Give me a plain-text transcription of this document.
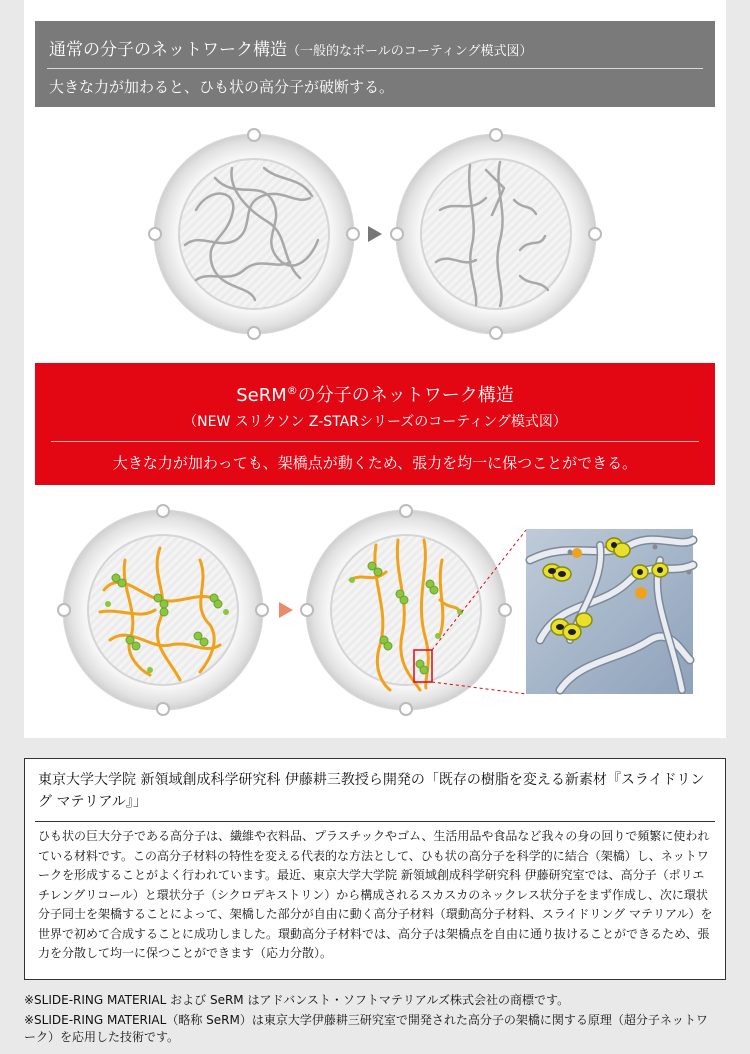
通常の分子のネットワーク構造（一般的なボールのコーティング模式図）
大きな力が加わると、ひも状の高分子が破断する。
SeRM®の分子のネットワーク構造
（NEW スリクソン Z-STARシリーズのコーティング模式図）
大きな力が加わっても、架橋点が動くため、張力を均一に保つことができる。
東京大学大学院 新領域創成科学研究科 伊藤耕三教授ら開発の「既存の樹脂を変える新素材『スライドリング マテリアル』」
ひも状の巨大分子である高分子は、繊維や衣料品、プラスチックやゴム、生活用品や食品など我々の身の回りで頻繁に使われている材料です。この高分子材料の特性を変える代表的な方法として、ひも状の高分子を科学的に結合（架橋）し、ネットワークを形成することがよく行われています。最近、東京大学大学院 新領域創成科学研究科 伊藤研究室では、高分子（ポリエチレングリコール）と環状分子（シクロデキストリン）から構成されるスカスカのネックレス状分子をまず作成し、次に環状分子同士を架橋することによって、架橋した部分が自由に動く高分子材料（環動高分子材料、スライドリング マテリアル）を世界で初めて合成することに成功しました。環動高分子材料では、高分子は架橋点を自由に通り抜けることができるため、張力を分散して均一に保つことができます（応力分散）。
※SLIDE-RING MATERIAL および SeRM はアドバンスト・ソフトマテリアルズ株式会社の商標です。
※SLIDE-RING MATERIAL（略称 SeRM）は東京大学伊藤耕三研究室で開発された高分子の架橋に関する原理（超分子ネットワーク）を応用した技術です。
